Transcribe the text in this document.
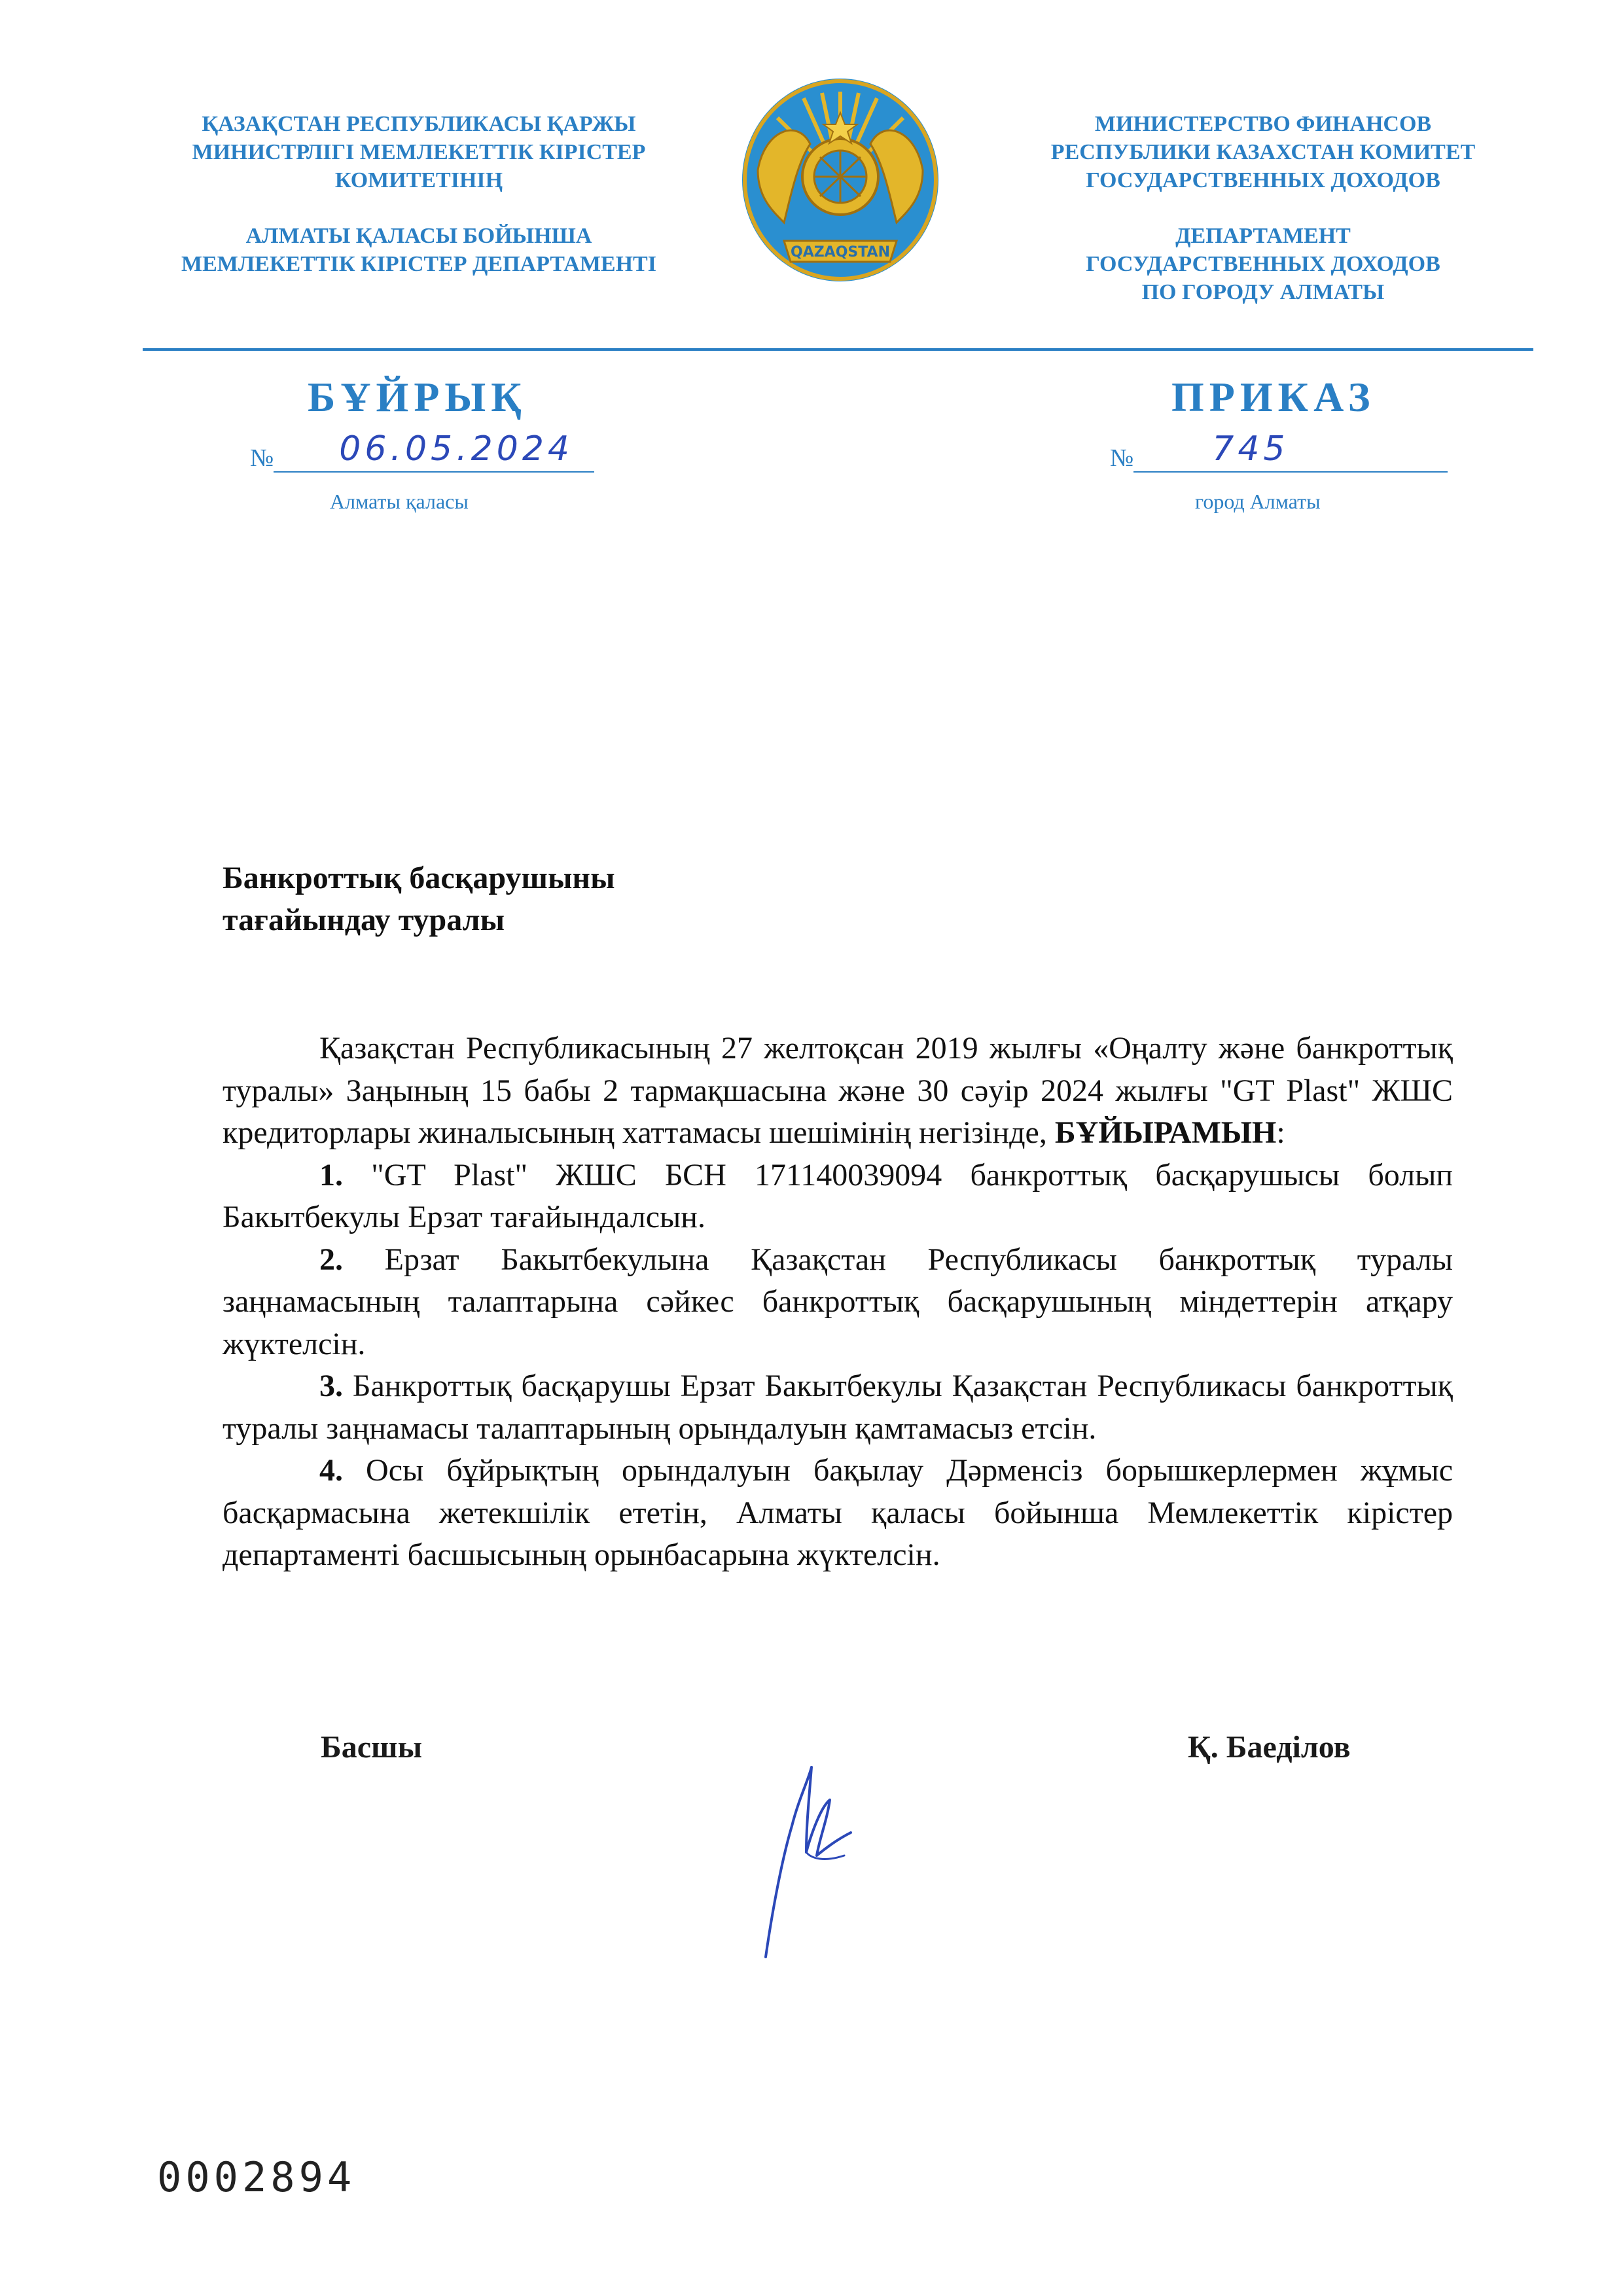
ҚАЗАҚСТАН РЕСПУБЛИКАСЫ ҚАРЖЫ
МИНИСТРЛІГІ МЕМЛЕКЕТТІК КІРІСТЕР
КОМИТЕТІНІҢ
АЛМАТЫ ҚАЛАСЫ БОЙЫНША
МЕМЛЕКЕТТІК КІРІСТЕР ДЕПАРТАМЕНТІ	QAZAQSTAN
МИНИСТЕРСТВО ФИНАНСОВ
РЕСПУБЛИКИ КАЗАХСТАН КОМИТЕТ
ГОСУДАРСТВЕННЫХ ДОХОДОВ
ДЕПАРТАМЕНТ
ГОСУДАРСТВЕННЫХ ДОХОДОВ
ПО ГОРОДУ АЛМАТЫ
БҰЙРЫҚ	ПРИКАЗ
№ 06.05.2024	№ 745
Алматы қаласы	город Алматы
Банкроттық басқарушыны
тағайындау туралы

Қазақстан Республикасының 27 желтоқсан 2019 жылғы «Оңалту және банкроттық туралы» Заңының 15 бабы 2 тармақшасына және 30 сәуір 2024 жылғы "GT Plast" ЖШС кредиторлары жиналысының хаттамасы шешімінің негізінде, БҰЙЫРАМЫН:

1. "GT Plast" ЖШС БСН 171140039094 банкроттық басқарушысы болып Бакытбекулы Ерзат тағайындалсын.

2. Ерзат Бакытбекулына Қазақстан Республикасы банкроттық туралы заңнамасының талаптарына сәйкес банкроттық басқарушының міндеттерін атқару жүктелсін.

3. Банкроттық басқарушы Ерзат Бакытбекулы Қазақстан Республикасы банкроттық туралы заңнамасы талаптарының орындалуын қамтамасыз етсін.

4. Осы бұйрықтың орындалуын бақылау Дәрменсіз борышкерлермен жұмыс басқармасына жетекшілік ететін, Алматы қаласы бойынша Мемлекеттік кірістер департаменті басшысының орынбасарына жүктелсін.

Басшы	Қ. Баеділов
0002894
